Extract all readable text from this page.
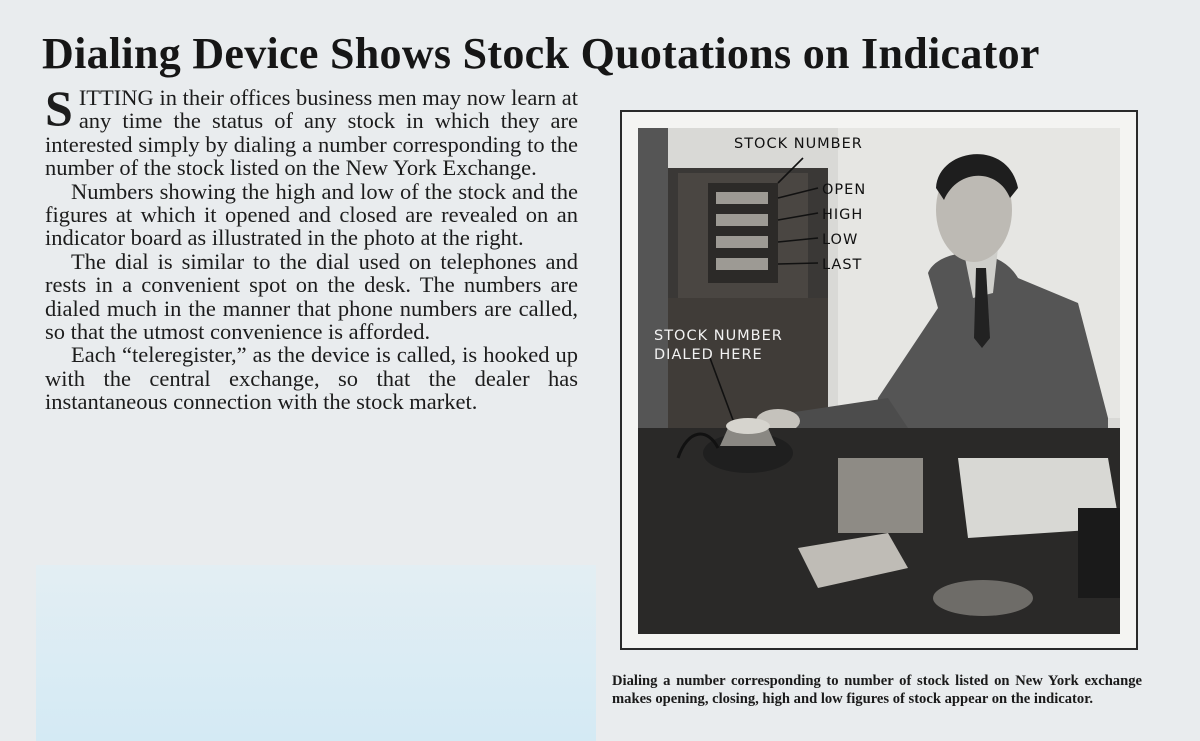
Dialing Device Shows Stock Quotations on Indicator

SITTING in their offices business men may now learn at any time the status of any stock in which they are interested simply by dialing a number corresponding to the number of the stock listed on the New York Exchange.

Numbers showing the high and low of the stock and the figures at which it opened and closed are revealed on an indicator board as illustrated in the photo at the right.

The dial is similar to the dial used on telephones and rests in a convenient spot on the desk. The numbers are dialed much in the manner that phone numbers are called, so that the utmost convenience is afforded.

Each “teleregister,” as the device is called, is hooked up with the central exchange, so that the dealer has instantaneous connection with the stock market.

STOCK NUMBER
OPEN
HIGH
LOW
LAST
STOCK NUMBER
DIALED HERE
Dialing a number corresponding to number of stock listed on New York exchange makes opening, closing, high and low figures of stock appear on the indicator.
